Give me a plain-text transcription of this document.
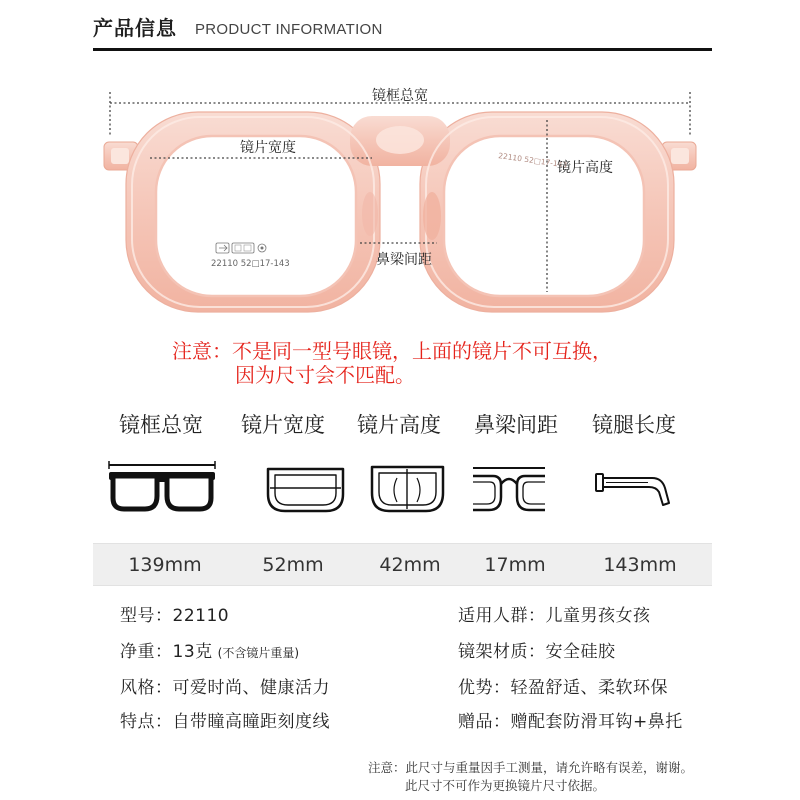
产品信息 PRODUCT INFORMATION
22110 52□17-143
22110 52□17-143
镜框总宽
镜片宽度
镜片高度
鼻梁间距
注意：不是同一型号眼镜，上面的镜片不可互换，
因为尺寸会不匹配。
镜框总宽	镜片宽度	镜片高度	鼻梁间距	镜腿长度
139mm	52mm	42mm	17mm	143mm
型号：22110
净重：13克 (不含镜片重量)
风格：可爱时尚、健康活力
特点：自带瞳高瞳距刻度线
适用人群：儿童男孩女孩
镜架材质：安全硅胶
优势：轻盈舒适、柔软环保
赠品：赠配套防滑耳钩+鼻托
注意：此尺寸与重量因手工测量，请允许略有误差，谢谢。
此尺寸不可作为更换镜片尺寸依据。
